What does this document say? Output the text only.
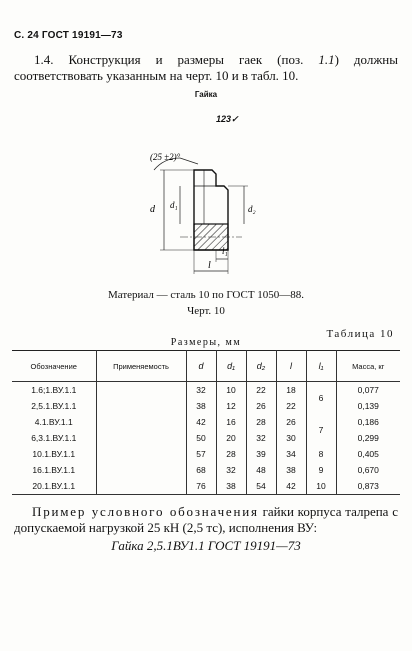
С. 24 ГОСТ 19191—73
1.4. Конструкция и размеры гаек (поз. 1.1) должны соответствовать указанным на черт. 10 и в табл. 10.
Гайка
123✓
(25 ±2)°
d d₁	d₂
l₁
l
Материал — сталь 10 по ГОСТ 1050—88.
Черт. 10
Таблица 10
Размеры, мм
Обозначение	Применяемость	d	d₁	d₂	l	l₁	Масса, кг
1.6;1.ВУ.1.1		32	10	22	18	6	0,077
2,5.1.ВУ.1.1		38	12	26	22		0,139
4.1.ВУ.1.1		42	16	28	26	7	0,186
6,3.1.ВУ.1.1		50	20	32	30		0,299
10.1.ВУ.1.1		57	28	39	34	8	0,405
16.1.ВУ.1.1		68	32	48	38	9	0,670
20.1.ВУ.1.1		76	38	54	42	10	0,873
Пример условного обозначения гайки корпуса талрепа с допускаемой нагрузкой 25 кН (2,5 тс), исполнения ВУ:
Гайка 2,5.1ВУ1.1 ГОСТ 19191—73
